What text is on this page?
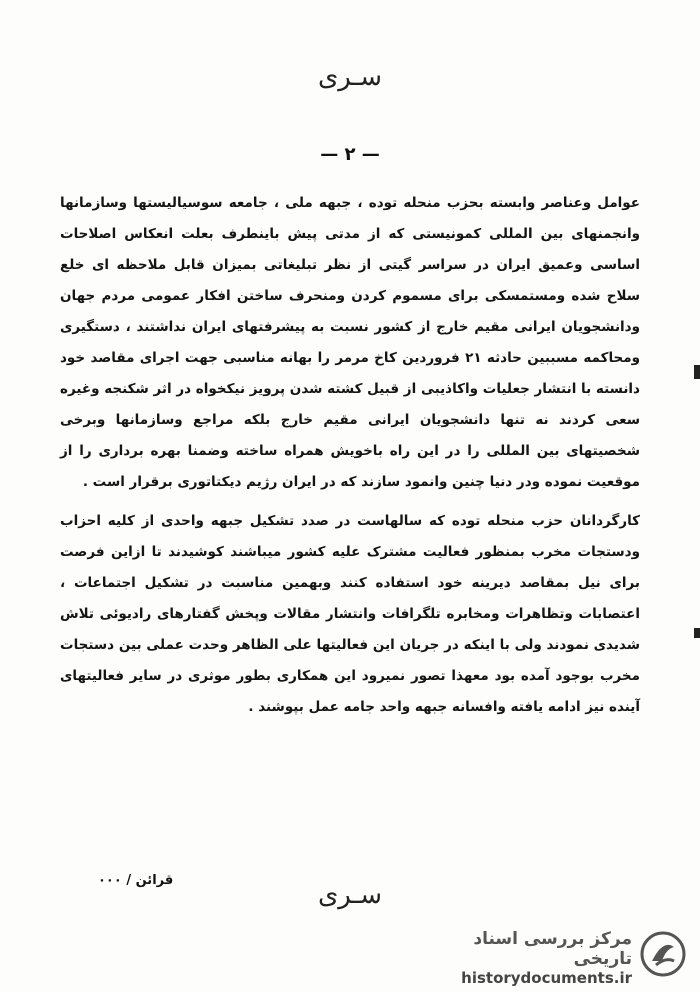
سـری
— ۲ —

عوامل وعناصر وابسته بحزب منحله توده ، جبهه ملی ، جامعه سوسیالیستها وسازمانها وانجمنهای بین المللی کمونیستی که از مدتی پیش باینطرف بعلت انعکاس اصلاحات اساسی وعمیق ایران در سراسر گیتی از نظر تبلیغاتی بمیزان قابل ملاحظه ای خلع سلاح شده ومستمسکی برای مسموم کردن ومنحرف ساختن افکار عمومی مردم جهان ودانشجویان ایرانی مقیم خارج از کشور نسبت به پیشرفتهای ایران نداشتند ، دستگیری ومحاکمه مسببین حادثه ۲۱ فروردین کاخ مرمر را بهانه مناسبی جهت اجرای مقاصد خود دانسته با انتشار جعلیات واکاذیبی از قبیل کشته شدن پرویز نیکخواه در اثر شکنجه وغیره سعی کردند نه تنها دانشجویان ایرانی مقیم خارج بلکه مراجع وسازمانها وبرخی شخصیتهای بین المللی را در این راه باخویش همراه ساخته وضمنا بهره برداری را از موقعیت نموده ودر دنیا چنین وانمود سازند که در ایران رژیم دیکتاتوری برقرار است .

کارگردانان حزب منحله توده که سالهاست در صدد تشکیل جبهه واحدی از کلیه احزاب ودستجات مخرب بمنظور فعالیت مشترک علیه کشور میباشند کوشیدند تا ازاین فرصت برای نیل بمقاصد دیرینه خود استفاده کنند وبهمین مناسبت در تشکیل اجتماعات ، اعتصابات وتظاهرات ومخابره تلگرافات وانتشار مقالات وپخش گفتارهای رادیوئی تلاش شدیدی نمودند ولی با اینکه در جریان این فعالیتها علی الظاهر وحدت عملی بین دستجات مخرب بوجود آمده بود معهذا تصور نمیرود این همکاری بطور موثری در سایر فعالیتهای آینده نیز ادامه یافته وافسانه جبهه واحد جامه عمل بپوشند .

قرائن / ۰۰۰	سـری
مرکز بررسی اسناد تاریخی
historydocuments.ir
